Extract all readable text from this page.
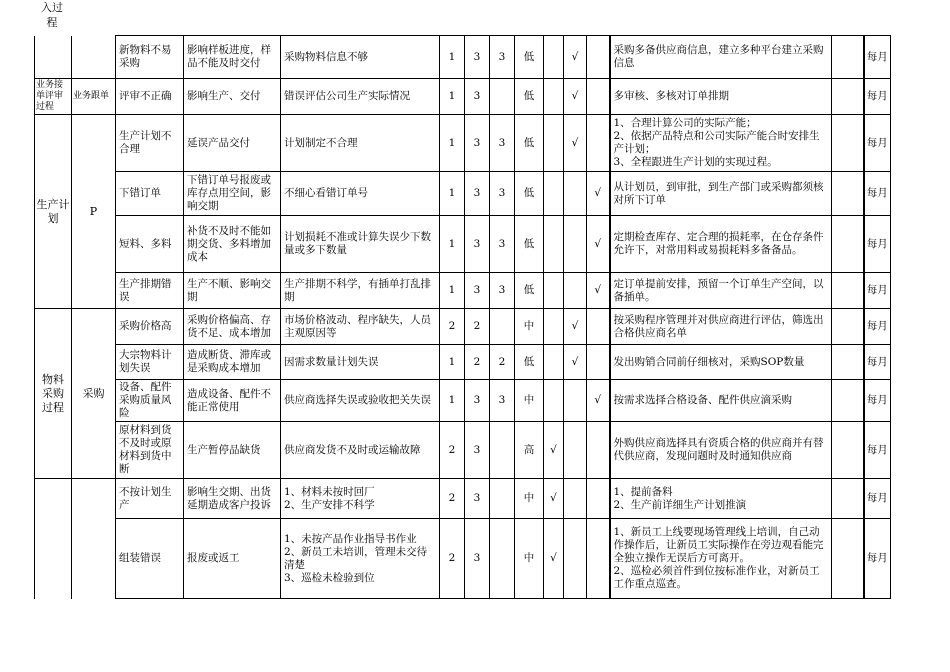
入过
程
		新物料不易采购	影响样板进度，样品不能及时交付	采购物料信息不够	1	3	3	低		√		采购多备供应商信息，建立多种平台建立采购信息		每月
业务接单评审过程	业务跟单	评审不正确	影响生产、交付	错误评估公司生产实际情况	1	3		低		√		多审核、多核对订单排期		每月
生产计划	P	生产计划不合理	延误产品交付	计划制定不合理	1	3	3	低		√		1、合理计算公司的实际产能；
2、依据产品特点和公司实际产能合时安排生产计划；
3、全程跟进生产计划的实现过程。		每月
		下错订单	下错订单号报废或库存点用空间，影响交期	不细心看错订单号	1	3	3	低			√	从计划员，到审批，到生产部门或采购都须核对所下订单		每月
		短料、多料	补货不及时不能如期交货、多料增加成本	计划损耗不准或计算失误少下数量或多下数量	1	3	3	低			√	定期检查库存、定合理的损耗率，在仓存条件允许下，对常用料或易损耗料多备备品。		每月
		生产排期错误	生产不顺、影响交期	生产排期不科学，有插单打乱排期	1	3	3	低			√	定订单提前安排，预留一个订单生产空间，以备插单。		每月
物料采购过程	采购	采购价格高	采购价格偏高、存货不足、成本增加	市场价格波动、程序缺失，人员主观原因等	2	2		中		√		按采购程序管理并对供应商进行评估，筛选出合格供应商名单		每月
		大宗物料计划失误	造成断货、滞库或是采购成本增加	因需求数量计划失误	1	2	2	低		√		发出购销合同前仔细核对，采购SOP数量		每月
		设备、配件采购质量风险	造成设备、配件不能正常使用	供应商选择失误或验收把关失误	1	3	3	中			√	按需求选择合格设备、配件供应滴采购		每月
		原材料到货不及时或原材料到货中断	生产暂停品缺货	供应商发货不及时或运输故障	2	3		高	√			外购供应商选择具有资质合格的供应商并有替代供应商，发现问题时及时通知供应商		每月
		不按计划生产	影响生交期、出货延期造成客户投诉	1、材料未按时回厂
2、生产安排不科学	2	3		中	√			1、提前备料
2、生产前详细生产计划推演		每月
		组装错误	报废或返工	1、未按产品作业指导书作业
2、新员工未培训，管理未交待清楚
3、巡检未检验到位	2	3		中	√			1、新员工上线要现场管理线上培训，自己动作操作后，让新员工实际操作在旁边观看能完全独立操作无误后方可离开。
2、巡检必须首件到位按标准作业，对新员工工作重点巡查。		每月
